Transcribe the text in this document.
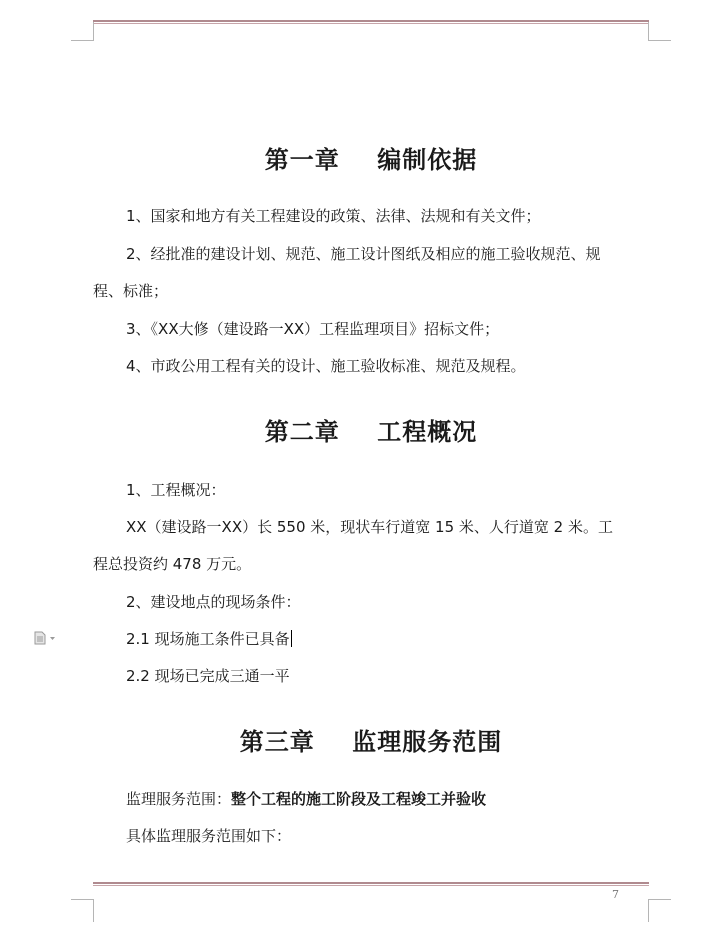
第一章    编制依据
1、国家和地方有关工程建设的政策、法律、法规和有关文件；
2、经批准的建设计划、规范、施工设计图纸及相应的施工验收规范、规
程、标准；
3、《XX大修（建设路一XX）工程监理项目》招标文件；
4、市政公用工程有关的设计、施工验收标准、规范及规程。
第二章    工程概况
1、工程概况：
XX（建设路一XX）长 550 米，现状车行道宽 15 米、人行道宽 2 米。工
程总投资约 478 万元。
2、建设地点的现场条件：
2.1 现场施工条件已具备
2.2 现场已完成三通一平
第三章    监理服务范围
监理服务范围：整个工程的施工阶段及工程竣工并验收
具体监理服务范围如下：
7
